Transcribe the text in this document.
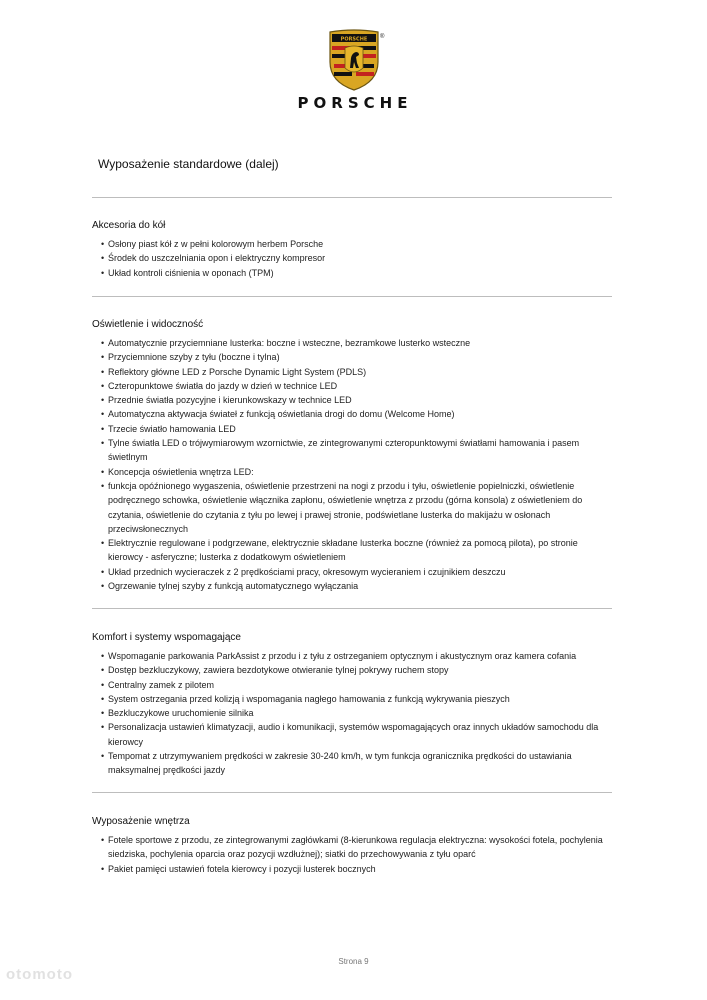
PORSCHE ®
PORSCHE
Wyposażenie standardowe (dalej)
Akcesoria do kół
• Osłony piast kół z w pełni kolorowym herbem Porsche
• Środek do uszczelniania opon i elektryczny kompresor
• Układ kontroli ciśnienia w oponach (TPM)
Oświetlenie i widoczność
• Automatycznie przyciemniane lusterka: boczne i wsteczne, bezramkowe lusterko wsteczne
• Przyciemnione szyby z tyłu (boczne i tylna)
• Reflektory główne LED z Porsche Dynamic Light System (PDLS)
• Czteropunktowe światła do jazdy w dzień w technice LED
• Przednie światła pozycyjne i kierunkowskazy w technice LED
• Automatyczna aktywacja świateł z funkcją oświetlania drogi do domu (Welcome Home)
• Trzecie światło hamowania LED
• Tylne światła LED o trójwymiarowym wzornictwie, ze zintegrowanymi czteropunktowymi światłami hamowania i pasem świetlnym
• Koncepcja oświetlenia wnętrza LED:
• funkcja opóźnionego wygaszenia, oświetlenie przestrzeni na nogi z przodu i tyłu, oświetlenie popielniczki, oświetlenie podręcznego schowka, oświetlenie włącznika zapłonu, oświetlenie wnętrza z przodu (górna konsola) z oświetleniem do czytania, oświetlenie do czytania z tyłu po lewej i prawej stronie, podświetlane lusterka do makijażu w osłonach przeciwsłonecznych
• Elektrycznie regulowane i podgrzewane, elektrycznie składane lusterka boczne (również za pomocą pilota), po stronie kierowcy - asferyczne; lusterka z dodatkowym oświetleniem
• Układ przednich wycieraczek z 2 prędkościami pracy, okresowym wycieraniem i czujnikiem deszczu
• Ogrzewanie tylnej szyby z funkcją automatycznego wyłączania
Komfort i systemy wspomagające
• Wspomaganie parkowania ParkAssist z przodu i z tyłu z ostrzeganiem optycznym i akustycznym oraz kamera cofania
• Dostęp bezkluczykowy, zawiera bezdotykowe otwieranie tylnej pokrywy ruchem stopy
• Centralny zamek z pilotem
• System ostrzegania przed kolizją i wspomagania nagłego hamowania z funkcją wykrywania pieszych
• Bezkluczykowe uruchomienie silnika
• Personalizacja ustawień klimatyzacji, audio i komunikacji, systemów wspomagających oraz innych układów samochodu dla kierowcy
• Tempomat z utrzymywaniem prędkości w zakresie 30-240 km/h, w tym funkcja ogranicznika prędkości do ustawiania maksymalnej prędkości jazdy
Wyposażenie wnętrza
• Fotele sportowe z przodu, ze zintegrowanymi zagłówkami (8-kierunkowa regulacja elektryczna: wysokości fotela, pochylenia siedziska, pochylenia oparcia oraz pozycji wzdłużnej); siatki do przechowywania z tyłu oparć
• Pakiet pamięci ustawień fotela kierowcy i pozycji lusterek bocznych
Strona 9
otomoto
